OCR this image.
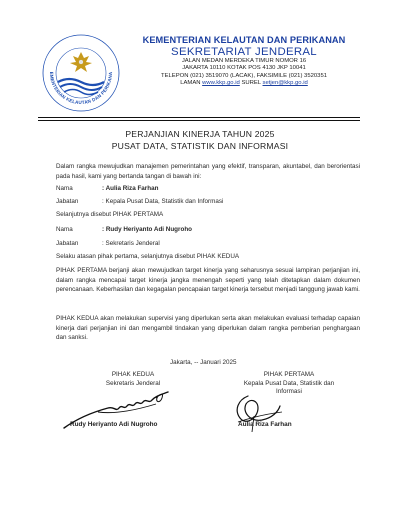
EMENTERIAN KELAUTAN DAN PERIKANA
KEMENTERIAN KELAUTAN DAN PERIKANAN
SEKRETARIAT JENDERAL
JALAN MEDAN MERDEKA TIMUR NOMOR 16
JAKARTA 10110 KOTAK POS 4130 JKP 10041
TELEPON (021) 3519070 (LACAK), FAKSIMILE (021) 3520351
LAMAN www.kkp.go.id SUREL setjen@kkp.go.id
PERJANJIAN KINERJA TAHUN 2025
PUSAT DATA, STATISTIK DAN INFORMASI
Dalam rangka mewujudkan manajemen pemerintahan yang efektif, transparan, akuntabel, dan berorientasi pada hasil, kami yang bertanda tangan di bawah ini:
Nama	: Aulia Riza Farhan
Jabatan	: Kepala Pusat Data, Statistik dan Informasi
Selanjutnya disebut PIHAK PERTAMA
Nama	: Rudy Heriyanto Adi Nugroho
Jabatan	: Sekretaris Jenderal
Selaku atasan pihak pertama, selanjutnya disebut PIHAK KEDUA
PIHAK PERTAMA berjanji akan mewujudkan target kinerja yang seharusnya sesuai lampiran perjanjian ini, dalam rangka mencapai target kinerja jangka menengah seperti yang telah ditetapkan dalam dokumen perencanaan. Keberhasilan dan kegagalan pencapaian target kinerja tersebut menjadi tanggung jawab kami.
PIHAK KEDUA akan melakukan supervisi yang diperlukan serta akan melakukan evaluasi terhadap capaian kinerja dari perjanjian ini dan mengambil tindakan yang diperlukan dalam rangka pemberian penghargaan dan sanksi.
Jakarta, -- Januari 2025
PIHAK KEDUA
Sekretaris Jenderal
PIHAK PERTAMA
Kepala Pusat Data, Statistik dan
Informasi
Rudy Heriyanto Adi Nugroho	Aulia Riza Farhan
